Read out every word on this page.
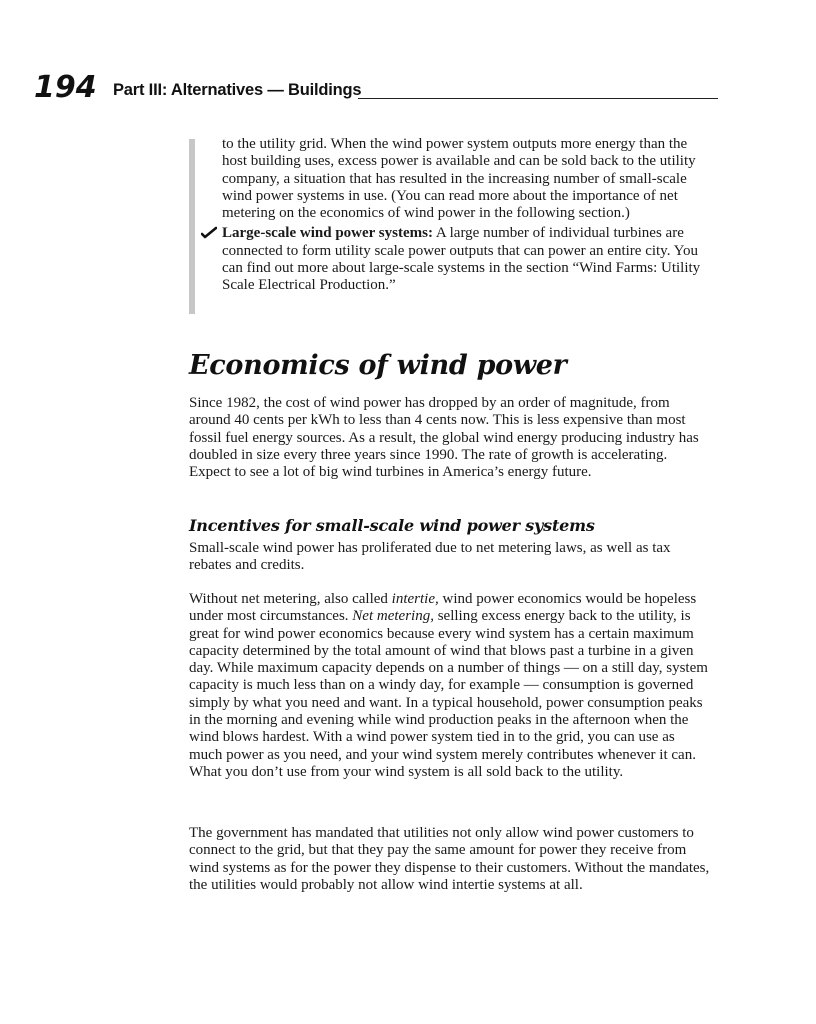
194 Part III: Alternatives — Buildings

to the utility grid. When the wind power system outputs more energy than the host building uses, excess power is available and can be sold back to the utility company, a situation that has resulted in the increasing number of small-scale wind power systems in use. (You can read more about the importance of net metering on the economics of wind power in the following section.)

Large-scale wind power systems: A large number of individual turbines are connected to form utility scale power outputs that can power an entire city. You can find out more about large-scale systems in the section “Wind Farms: Utility Scale Electrical Production.”
Economics of wind power

Since 1982, the cost of wind power has dropped by an order of magnitude, from around 40 cents per kWh to less than 4 cents now. This is less expensive than most fossil fuel energy sources. As a result, the global wind energy producing industry has doubled in size every three years since 1990. The rate of growth is accelerating. Expect to see a lot of big wind turbines in America’s energy future.

Incentives for small-scale wind power systems

Small-scale wind power has proliferated due to net metering laws, as well as tax rebates and credits.

Without net metering, also called intertie, wind power economics would be hopeless under most circumstances. Net metering, selling excess energy back to the utility, is great for wind power economics because every wind system has a certain maximum capacity determined by the total amount of wind that blows past a turbine in a given day. While maximum capacity depends on a number of things — on a still day, system capacity is much less than on a windy day, for example — consumption is governed simply by what you need and want. In a typical household, power consumption peaks in the morning and evening while wind production peaks in the afternoon when the wind blows hardest. With a wind power system tied in to the grid, you can use as much power as you need, and your wind system merely contributes whenever it can. What you don’t use from your wind system is all sold back to the utility.

The government has mandated that utilities not only allow wind power customers to connect to the grid, but that they pay the same amount for power they receive from wind systems as for the power they dispense to their customers. Without the mandates, the utilities would probably not allow wind intertie systems at all.
